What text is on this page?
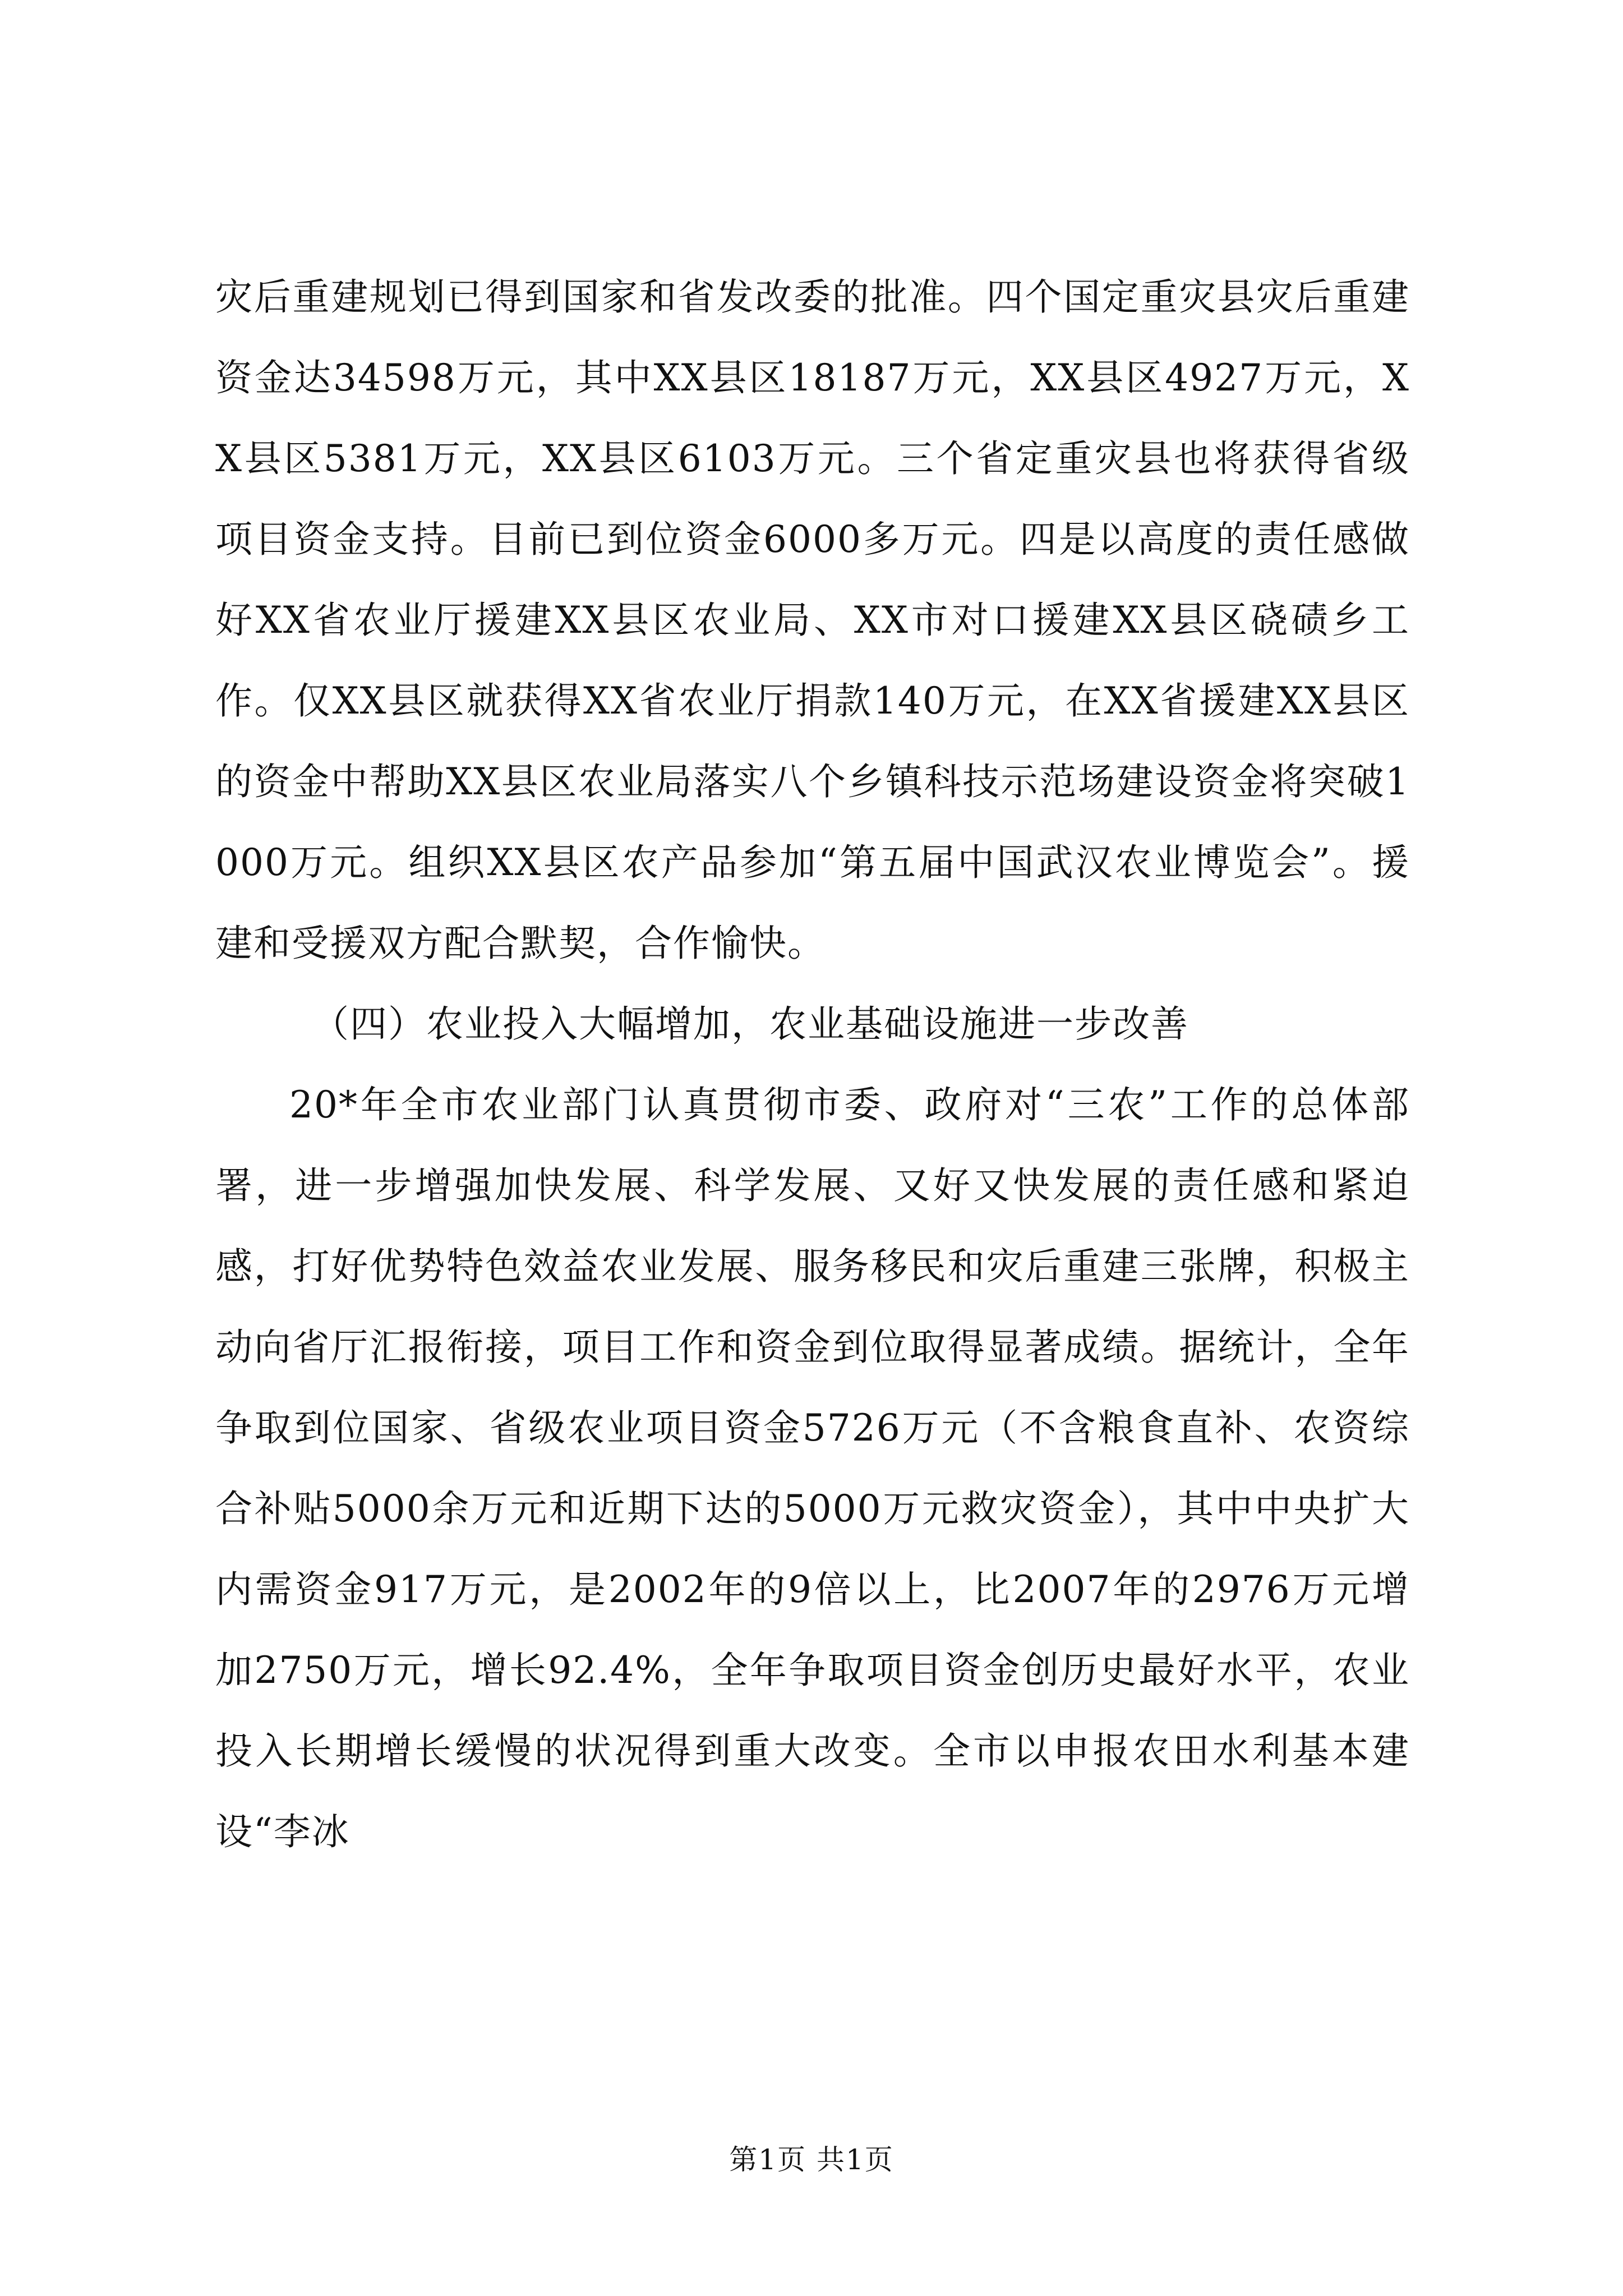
灾后重建规划已得到国家和省发改委的批准。四个国定重灾县灾后重建资金达34598万元，其中XX县区18187万元，XX县区4927万元，XX县区5381万元，XX县区6103万元。三个省定重灾县也将获得省级项目资金支持。目前已到位资金6000多万元。四是以高度的责任感做好XX省农业厅援建XX县区农业局、XX市对口援建XX县区硗碛乡工作。仅XX县区就获得XX省农业厅捐款140万元，在XX省援建XX县区的资金中帮助XX县区农业局落实八个乡镇科技示范场建设资金将突破1000万元。组织XX县区农产品参加“第五届中国武汉农业博览会”。援建和受援双方配合默契，合作愉快。

（四）农业投入大幅增加，农业基础设施进一步改善

20*年全市农业部门认真贯彻市委、政府对“三农”工作的总体部署，进一步增强加快发展、科学发展、又好又快发展的责任感和紧迫感，打好优势特色效益农业发展、服务移民和灾后重建三张牌，积极主动向省厅汇报衔接，项目工作和资金到位取得显著成绩。据统计，全年争取到位国家、省级农业项目资金5726万元（不含粮食直补、农资综合补贴5000余万元和近期下达的5000万元救灾资金），其中中央扩大内需资金917万元，是2002年的9倍以上，比2007年的2976万元增加2750万元，增长92.4%，全年争取项目资金创历史最好水平，农业投入长期增长缓慢的状况得到重大改变。全市以申报农田水利基本建设“李冰

第1页 共1页
